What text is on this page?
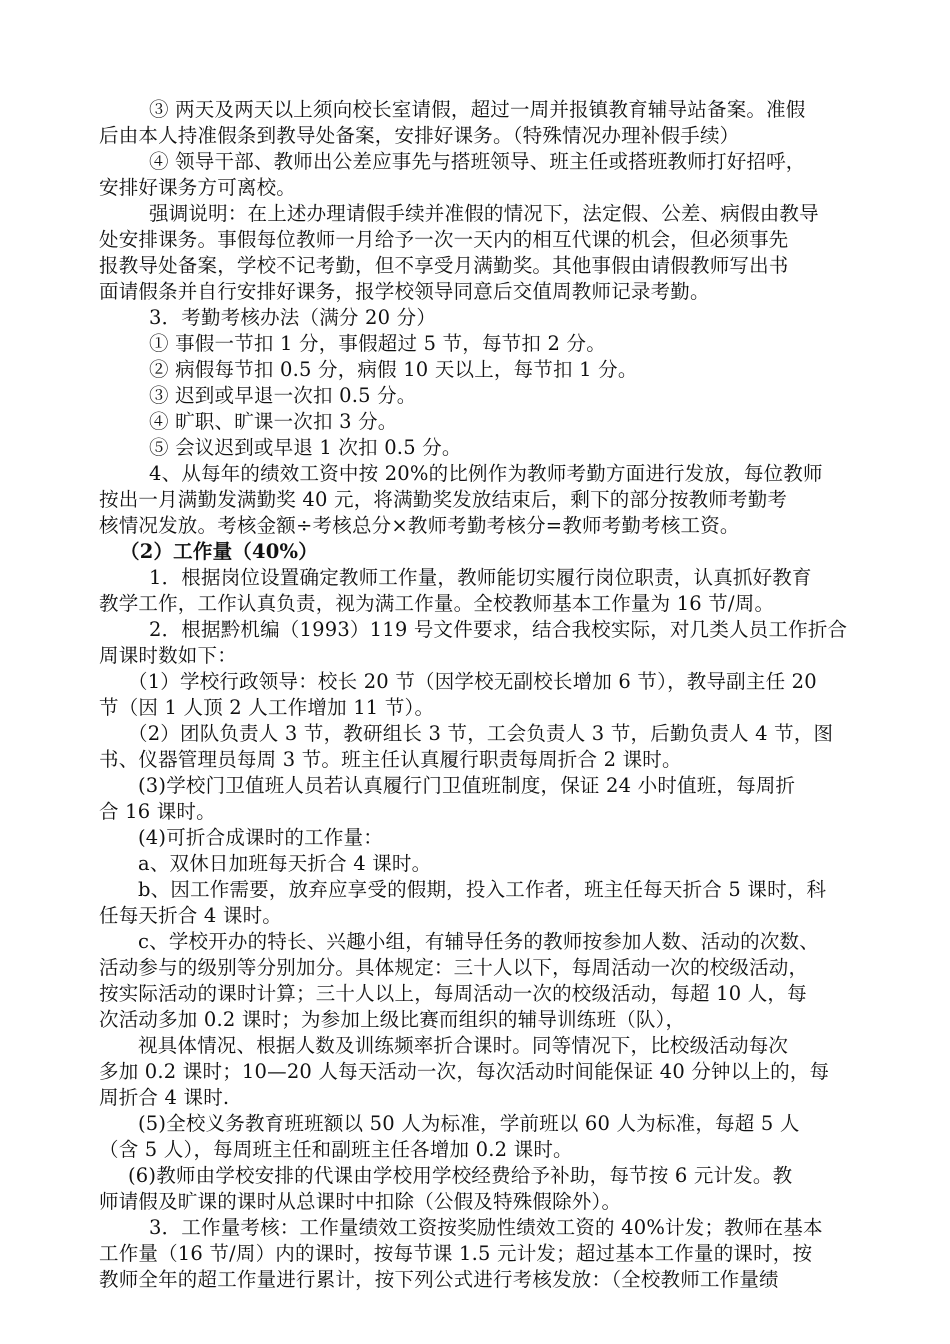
③ 两天及两天以上须向校长室请假，超过一周并报镇教育辅导站备案。准假
后由本人持准假条到教导处备案，安排好课务。（特殊情况办理补假手续）
④ 领导干部、教师出公差应事先与搭班领导、班主任或搭班教师打好招呼，
安排好课务方可离校。
强调说明：在上述办理请假手续并准假的情况下，法定假、公差、病假由教导
处安排课务。事假每位教师一月给予一次一天内的相互代课的机会，但必须事先
报教导处备案，学校不记考勤，但不享受月满勤奖。其他事假由请假教师写出书
面请假条并自行安排好课务，报学校领导同意后交值周教师记录考勤。
3．考勤考核办法（满分 20 分）
① 事假一节扣 1 分，事假超过 5 节，每节扣 2 分。
② 病假每节扣 0.5 分，病假 10 天以上，每节扣 1 分。
③ 迟到或早退一次扣 0.5 分。
④ 旷职、旷课一次扣 3 分。
⑤ 会议迟到或早退 1 次扣 0.5 分。
4、从每年的绩效工资中按 20%的比例作为教师考勤方面进行发放，每位教师
按出一月满勤发满勤奖 40 元，将满勤奖发放结束后，剩下的部分按教师考勤考
核情况发放。考核金额÷考核总分×教师考勤考核分=教师考勤考核工资。
（2）工作量（40%）
1．根据岗位设置确定教师工作量，教师能切实履行岗位职责，认真抓好教育
教学工作，工作认真负责，视为满工作量。全校教师基本工作量为 16 节/周。
2．根据黔机编（1993）119 号文件要求，结合我校实际，对几类人员工作折合
周课时数如下：
（1）学校行政领导：校长 20 节（因学校无副校长增加 6 节），教导副主任 20
节（因 1 人顶 2 人工作增加 11 节）。
（2）团队负责人 3 节，教研组长 3 节，工会负责人 3 节，后勤负责人 4 节，图
书、仪器管理员每周 3 节。班主任认真履行职责每周折合 2 课时。
(3)学校门卫值班人员若认真履行门卫值班制度，保证 24 小时值班，每周折
合 16 课时。
(4)可折合成课时的工作量：
a、双休日加班每天折合 4 课时。
b、因工作需要，放弃应享受的假期，投入工作者，班主任每天折合 5 课时，科
任每天折合 4 课时。
c、学校开办的特长、兴趣小组，有辅导任务的教师按参加人数、活动的次数、
活动参与的级别等分别加分。具体规定：三十人以下，每周活动一次的校级活动，
按实际活动的课时计算；三十人以上，每周活动一次的校级活动，每超 10 人，每
次活动多加 0.2 课时；为参加上级比赛而组织的辅导训练班（队），
视具体情况、根据人数及训练频率折合课时。同等情况下，比校级活动每次
多加 0.2 课时；10—20 人每天活动一次，每次活动时间能保证 40 分钟以上的，每
周折合 4 课时.
(5)全校义务教育班班额以 50 人为标准，学前班以 60 人为标准，每超 5 人
（含 5 人），每周班主任和副班主任各增加 0.2 课时。
(6)教师由学校安排的代课由学校用学校经费给予补助，每节按 6 元计发。教
师请假及旷课的课时从总课时中扣除（公假及特殊假除外）。
3．工作量考核：工作量绩效工资按奖励性绩效工资的 40%计发；教师在基本
工作量（16 节/周）内的课时，按每节课 1.5 元计发；超过基本工作量的课时，按
教师全年的超工作量进行累计，按下列公式进行考核发放：（全校教师工作量绩
